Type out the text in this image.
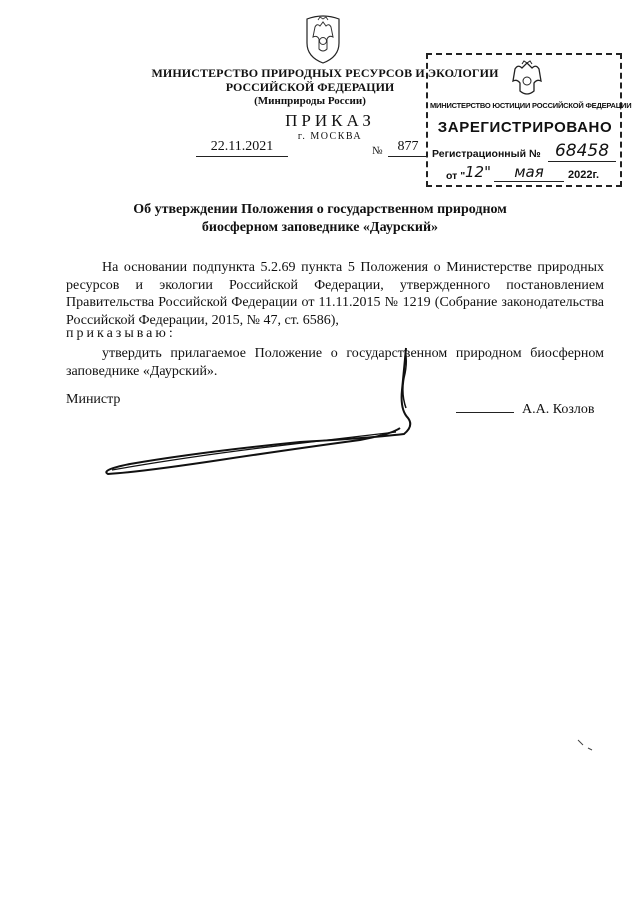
МИНИСТЕРСТВО ПРИРОДНЫХ РЕСУРСОВ И ЭКОЛОГИИ
РОССИЙСКОЙ ФЕДЕРАЦИИ
(Минприроды России)
ПРИКАЗ
г. МОСКВА
22.11.2021	№	877
МИНИСТЕРСТВО ЮСТИЦИИ РОССИЙСКОЙ ФЕДЕРАЦИИ
ЗАРЕГИСТРИРОВАНО
Регистрационный № 68458
от " 12"	мая	2022г.
Об утверждении Положения о государственном природном биосферном заповеднике «Даурский»
На основании подпункта 5.2.69 пункта 5 Положения о Министерстве природных ресурсов и экологии Российской Федерации, утвержденного постановлением Правительства Российской Федерации от 11.11.2015 № 1219 (Собрание законодательства Российской Федерации, 2015, № 47, ст. 6586),
приказываю:
утвердить прилагаемое Положение о государственном природном биосферном заповеднике «Даурский».
Министр
А.А. Козлов
